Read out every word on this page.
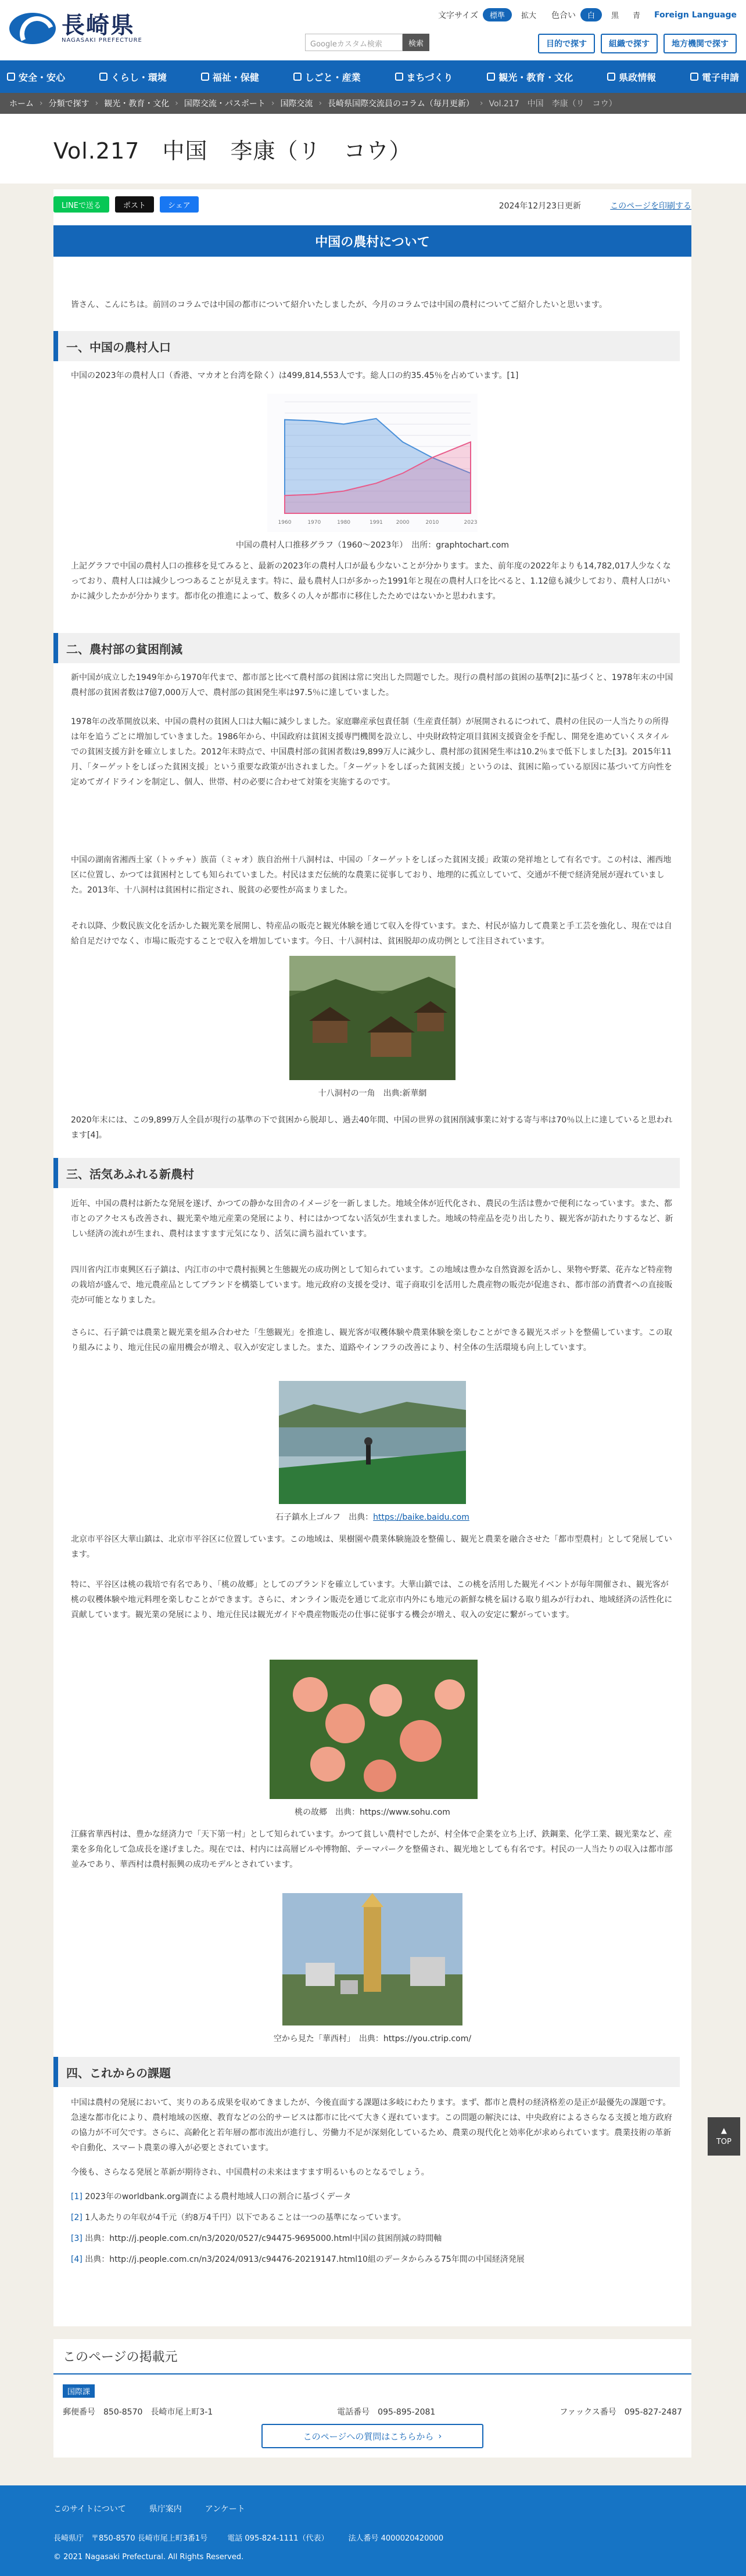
長崎県
NAGASAKI PREFECTURE
文字サイズ	標準	拡大	色合い	白	黒	青	Foreign Language
Googleカスタム検索	検索	目的で探す	組織で探す	地方機関で探す
安全・安心	くらし・環境	福祉・保健	しごと・産業	まちづくり	観光・教育・文化	県政情報	電子申請
ホーム › 分類で探す › 観光・教育・文化 › 国際交流・パスポート › 国際交流 › 長崎県国際交流員のコラム（毎月更新） › Vol.217　中国　李康（リ　コウ）
Vol.217　中国　李康（リ　コウ）
LINEで送る	ポスト	シェア	2024年12月23日更新	このページを印刷する
中国の農村について
皆さん、こんにちは。前回のコラムでは中国の都市について紹介いたしましたが、今月のコラムでは中国の農村についてご紹介したいと思います。
一、中国の農村人口
中国の2023年の農村人口（香港、マカオと台湾を除く）は499,814,553人です。総人口の約35.45％を占めています。[1]
1960	1970	1980	1991	2000	2010	2023
中国の農村人口推移グラフ（1960〜2023年）　出所：graphtochart.com
上記グラフで中国の農村人口の推移を見てみると、最新の2023年の農村人口が最も少ないことが分かります。また、前年度の2022年よりも14,782,017人少なくなっており、農村人口は減少しつつあることが見えます。特に、最も農村人口が多かった1991年と現在の農村人口を比べると、1.12億も減少しており、農村人口がいかに減少したかが分かります。都市化の推進によって、数多くの人々が都市に移住したためではないかと思われます。
二、農村部の貧困削減
新中国が成立した1949年から1970年代まで、都市部と比べて農村部の貧困は常に突出した問題でした。現行の農村部の貧困の基準[2]に基づくと、1978年末の中国農村部の貧困者数は7億7,000万人で、農村部の貧困発生率は97.5％に達していました。
1978年の改革開放以来、中国の農村の貧困人口は大幅に減少しました。家庭聯産承包責任制（生産責任制）が展開されるにつれて、農村の住民の一人当たりの所得は年を追うごとに増加していきました。1986年から、中国政府は貧困支援専門機関を設立し、中央財政特定項目貧困支援資金を手配し、開発を進めていくスタイルでの貧困支援方針を確立しました。2012年末時点で、中国農村部の貧困者数は9,899万人に減少し、農村部の貧困発生率は10.2％まで低下しました[3]。2015年11月、「ターゲットをしぼった貧困支援」という重要な政策が出されました。「ターゲットをしぼった貧困支援」というのは、貧困に陥っている原因に基づいて方向性を定めてガイドラインを制定し、個人、世帯、村の必要に合わせて対策を実施するのです。
中国の湖南省湘西土家（トゥチャ）族苗（ミャオ）族自治州十八洞村は、中国の「ターゲットをしぼった貧困支援」政策の発祥地として有名です。この村は、湘西地区に位置し、かつては貧困村としても知られていました。村民はまだ伝統的な農業に従事しており、地理的に孤立していて、交通が不便で経済発展が遅れていました。2013年、十八洞村は貧困村に指定され、脱貧の必要性が高まりました。
それ以降、少数民族文化を活かした観光業を展開し、特産品の販売と観光体験を通じて収入を得ています。また、村民が協力して農業と手工芸を強化し、現在では自給自足だけでなく、市場に販売することで収入を増加しています。今日、十八洞村は、貧困脱却の成功例として注目されています。
十八洞村の一角　出典:新華網
2020年末には、この9,899万人全員が現行の基準の下で貧困から脱却し、過去40年間、中国の世界の貧困削減事業に対する寄与率は70％以上に達していると思われます[4]。
三、活気あふれる新農村
近年、中国の農村は新たな発展を遂げ、かつての静かな田舎のイメージを一新しました。地域全体が近代化され、農民の生活は豊かで便利になっています。また、都市とのアクセスも改善され、観光業や地元産業の発展により、村にはかつてない活気が生まれました。地域の特産品を売り出したり、観光客が訪れたりするなど、新しい経済の流れが生まれ、農村はますます元気になり、活気に満ち溢れています。
四川省内江市東興区石子鎮は、内江市の中で農村振興と生態観光の成功例として知られています。この地域は豊かな自然資源を活かし、果物や野菜、花卉など特産物の栽培が盛んで、地元農産品としてブランドを構築しています。地元政府の支援を受け、電子商取引を活用した農産物の販売が促進され、都市部の消費者への直接販売が可能となりました。
さらに、石子鎮では農業と観光業を組み合わせた「生態観光」を推進し、観光客が収穫体験や農業体験を楽しむことができる観光スポットを整備しています。この取り組みにより、地元住民の雇用機会が増え、収入が安定しました。また、道路やインフラの改善により、村全体の生活環境も向上しています。
石子鎮水上ゴルフ　出典：https://baike.baidu.com
北京市平谷区大華山鎮は、北京市平谷区に位置しています。この地域は、果樹園や農業体験施設を整備し、観光と農業を融合させた「都市型農村」として発展しています。
特に、平谷区は桃の栽培で有名であり、「桃の故郷」としてのブランドを確立しています。大華山鎮では、この桃を活用した観光イベントが毎年開催され、観光客が桃の収穫体験や地元料理を楽しむことができます。さらに、オンライン販売を通じて北京市内外にも地元の新鮮な桃を届ける取り組みが行われ、地域経済の活性化に貢献しています。観光業の発展により、地元住民は観光ガイドや農産物販売の仕事に従事する機会が増え、収入の安定に繋がっています。
桃の故郷　出典：https://www.sohu.com
江蘇省華西村は、豊かな経済力で「天下第一村」として知られています。かつて貧しい農村でしたが、村全体で企業を立ち上げ、鉄鋼業、化学工業、観光業など、産業を多角化して急成長を遂げました。現在では、村内には高層ビルや博物館、テーマパークを整備され、観光地としても有名です。村民の一人当たりの収入は都市部並みであり、華西村は農村振興の成功モデルとされています。
空から見た「華西村」　出典：https://you.ctrip.com/
四、これからの課題
中国は農村の発展において、実りのある成果を収めてきましたが、今後直面する課題は多岐にわたります。まず、都市と農村の経済格差の是正が最優先の課題です。急速な都市化により、農村地域の医療、教育などの公的サービスは都市に比べて大きく遅れています。この問題の解決には、中央政府によるさらなる支援と地方政府の協力が不可欠です。さらに、高齢化と若年層の都市流出が進行し、労働力不足が深刻化しているため、農業の現代化と効率化が求められています。農業技術の革新や自動化、スマート農業の導入が必要とされています。
今後も、さらなる発展と革新が期待され、中国農村の未来はますます明るいものとなるでしょう。
[1] 2023年のworldbank.org調査による農村地域人口の割合に基づくデータ
[2] 1人あたりの年収が4千元（約8万4千円）以下であることは一つの基準になっています。
[3] 出典：http://j.people.com.cn/n3/2020/0527/c94475-9695000.html中国の貧困削減の時間軸
[4] 出典：http://j.people.com.cn/n3/2024/0913/c94476-20219147.html10組のデータからみる75年間の中国経済発展
このページの掲載元
国際課
郵便番号　850-8570　長崎市尾上町3-1	電話番号　095-895-2081	ファックス番号　095-827-2487
このページへの質問はこちらから ›
▲
TOP
このサイトについて	県庁案内	アンケート
長崎県庁　〒850-8570 長崎市尾上町3番1号	電話 095-824-1111（代表）	法人番号 4000020420000
© 2021 Nagasaki Prefectural. All Rights Reserved.
